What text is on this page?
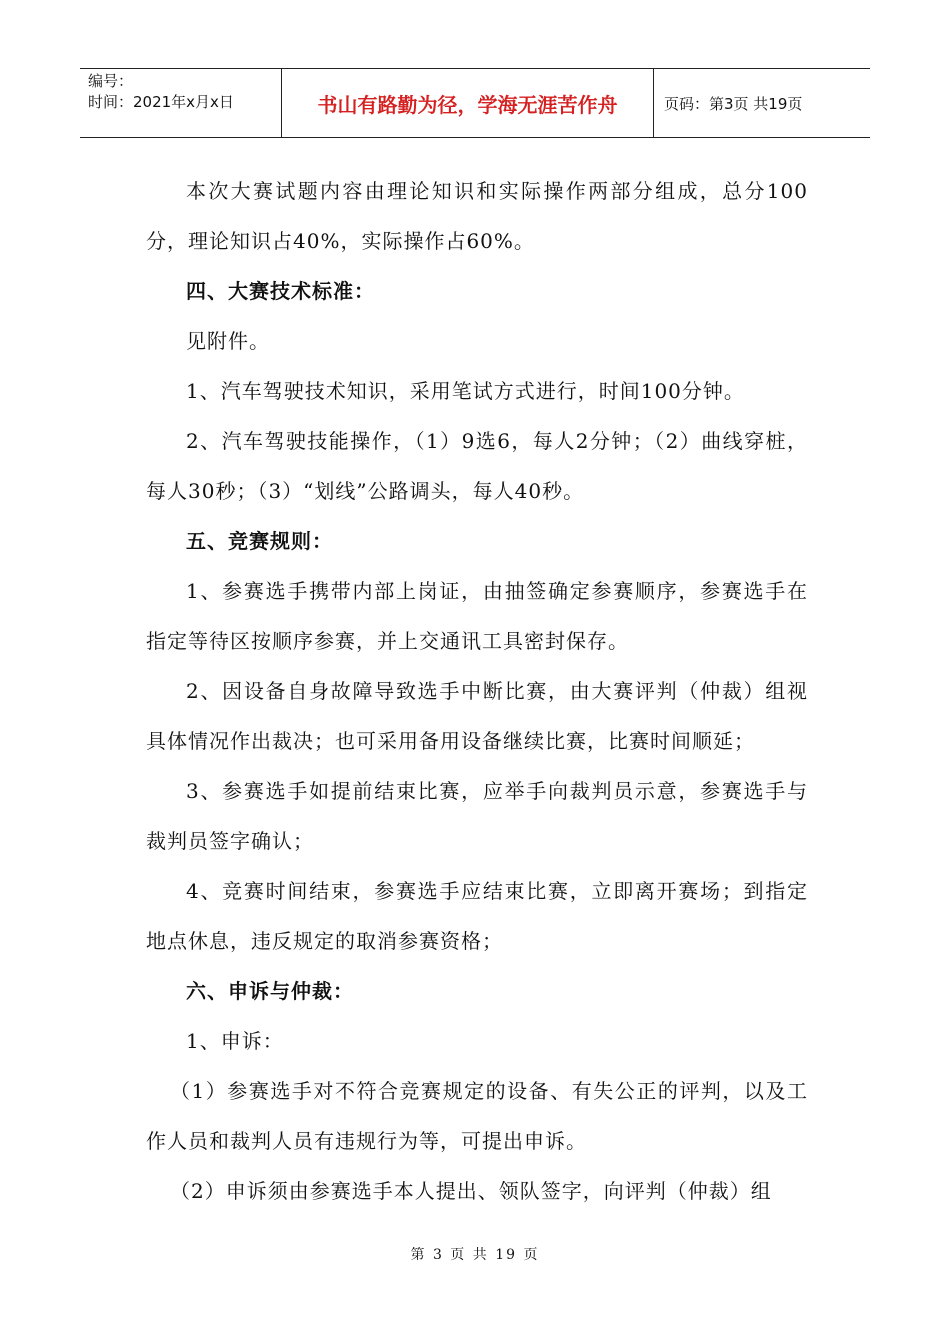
编号：
时间：2021年x月x日	书山有路勤为径，学海无涯苦作舟	页码：第3页 共19页

本次大赛试题内容由理论知识和实际操作两部分组成，总分100分，理论知识占40%，实际操作占60%。

四、大赛技术标准：

见附件。

1、汽车驾驶技术知识，采用笔试方式进行，时间100分钟。

2、汽车驾驶技能操作，（1）9选6，每人2分钟；（2）曲线穿桩，每人30秒；（3）“划线”公路调头，每人40秒。

五、竞赛规则：

1、参赛选手携带内部上岗证，由抽签确定参赛顺序，参赛选手在指定等待区按顺序参赛，并上交通讯工具密封保存。

2、因设备自身故障导致选手中断比赛，由大赛评判（仲裁）组视具体情况作出裁决；也可采用备用设备继续比赛，比赛时间顺延；

3、参赛选手如提前结束比赛，应举手向裁判员示意，参赛选手与裁判员签字确认；

4、竞赛时间结束，参赛选手应结束比赛，立即离开赛场；到指定地点休息，违反规定的取消参赛资格；

六、申诉与仲裁：

1、申诉：

（1）参赛选手对不符合竞赛规定的设备、有失公正的评判，以及工作人员和裁判人员有违规行为等，可提出申诉。

（2）申诉须由参赛选手本人提出、领队签字，向评判（仲裁）组

第 3 页 共 19 页
